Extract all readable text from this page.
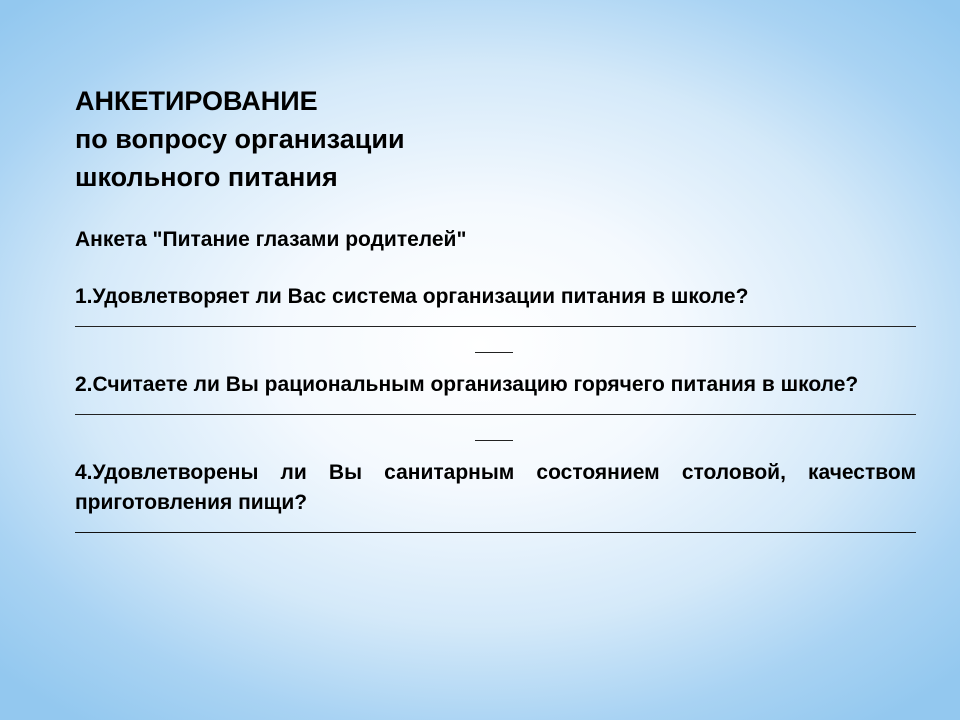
АНКЕТИРОВАНИЕ
по вопросу организации
школьного питания

Анкета "Питание глазами родителей"

1.Удовлетворяет ли Вас система организации питания в школе?

2.Считаете ли Вы рациональным организацию горячего питания в школе?

4.Удовлетворены ли Вы санитарным состоянием столовой, качеством приготовления пищи?
